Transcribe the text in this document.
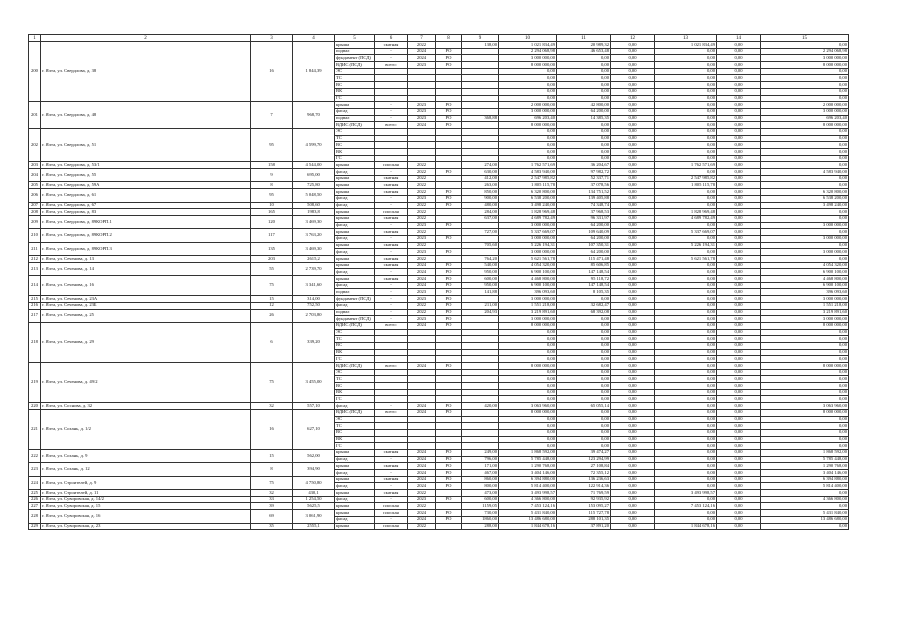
1	2	3	4	5	6	7	8	9	10	11	12	13	14	15
200	г. Ялта, ул. Свердлова, д. 38	16	1 844,39	крыша	скатная	2022		138,00	1 021 834,49	20 989,32	0,00	1 021 834,49	0,00	0,00
				подвал	-	2024	РО		2 294 068,98	46 653,48	0,00	0,00	0,00	2 294 068,98
				фундамент (ПСД)	-	2024	РО		3 000 000,00	0,00	0,00	0,00	0,00	3 000 000,00
				ВДИС (ПСД)	всего:	2023	РО		8 000 000,00	0,00	0,00	0,00	0,00	8 000 000,00
				ЭС					0,00	0,00	0,00	0,00	0,00	0,00
				ТС					0,00	0,00	0,00	0,00	0,00	0,00
				ВС					0,00	0,00	0,00	0,00	0,00	0,00
				ВК					0,00	0,00	0,00	0,00	0,00	0,00
				ГС					0,00	0,00	0,00	0,00	0,00	0,00
201	г. Ялта, ул. Свердлова, д. 48	7	968,70	крыша	-	2023	РО		2 000 000,00	42 800,00	0,00	0,00	0,00	2 000 000,00
				фасад	-	2023	РО		3 000 000,00	64 200,00	0,00	0,00	0,00	3 000 000,00
				подвал	-	2023	РО	368,88	696 203,40	14 385,35	0,00	0,00	0,00	696 203,40
				ВДИС (ПСД)	всего:	2024	РО		8 000 000,00	0,00	0,00	0,00	0,00	8 000 000,00
202	г. Ялта, ул. Свердлова, д. 51	95	4 599,70	ЭС					0,00	0,00	0,00	0,00	0,00	0,00
				ТС					0,00	0,00	0,00	0,00	0,00	0,00
				ВС					0,00	0,00	0,00	0,00	0,00	0,00
				ВК					0,00	0,00	0,00	0,00	0,00	0,00
				ГС					0,00	0,00	0,00	0,00	0,00	0,00
203	г. Ялта, ул. Свердлова, д. 53/1	158	4 544,00	крыша	плоская	2022		274,00	1 762 571,69	36 204,67	0,00	1 762 571,69	0,00	0,00
204	г. Ялта, ул. Свердлова, д. 55	9	695,00	фасад	-	2022	РО	630,00	4 583 940,00	97 982,72	0,00	0,00	0,00	4 583 940,00
				крыша	скатная	2022		412,00	2 547 985,82	52 337,71	0,00	2 547 985,82	0,00	0,00
205	г. Ялта, ул. Свердлова, д. 59А	8	725,80	крыша	скатная	2022		263,00	1 805 115,78	37 078,56	0,00	1 805 115,78	0,00	0,00
206	г. Ялта, ул. Свердлова, д. 61	95	5 048,50	крыша	скатная	2022	РО	850,00	6 320 800,00	134 751,52	0,00	0,00	0,00	6 320 800,00
				фасад	-	2023	РО	900,00	6 538 200,00	139 405,88	0,00	0,00	0,00	6 538 200,00
207	г. Ялта, ул. Свердлова, д. 67	10	508,60	фасад	-	2022	РО	480,00	3 498 240,00	74 348,74	0,00	0,00	0,00	3 498 240,00
208	г. Ялта, ул. Свердлова, д. 83	165	1983,8	крыша	плоская	2022		284,00	1 828 969,48	37 968,53	0,00	1 828 969,48	0,00	0,00
209	г. Ялта, ул. Свердлова, д. 89КОРП.1	120	3 469,30	крыша	скатная	2022		637,00	4 689 782,49	96 331,97	0,00	4 689 782,49	0,00	0,00
				фасад	-	2023	РО		3 000 000,00	64 200,00	0,00	0,00	0,00	3 000 000,00
210	г. Ялта, ул. Свердлова, д. 89КОРП.2	117	3 763,20	крыша	скатная	2022		727,00	5 337 669,07	109 640,09	0,00	5 337 669,07	0,00	0,00
				фасад	-	2023	РО		3 000 000,00	64 200,00	0,00	0,00	0,00	3 000 000,00
211	г. Ялта, ул. Свердлова, д. 89КОРП.3	135	3 469,30	крыша	скатная	2022		705,60	5 226 194,31	107 350,31	0,00	5 226 194,31	0,00	0,00
				фасад	-	2023	РО		3 000 000,00	64 200,00	0,00	0,00	0,00	3 000 000,00
212	г. Ялта, ул. Сеченова, д. 13	203	2615,2	крыша	скатная	2022		764,20	5 621 561,78	115 471,48	0,00	5 621 561,78	0,00	0,00
213	г. Ялта, ул. Сеченова, д. 14	55	2 739,70	крыша	скатная	2024	РО	540,00	4 054 320,00	85 606,85	0,00	0,00	0,00	4 054 320,00
				фасад	-	2024	РО	950,00	6 900 100,00	147 148,54	0,00	0,00	0,00	6 900 100,00
214	г. Ялта, ул. Сеченова, д. 16	75	3 341,60	крыша	скатная	2024	РО	600,00	4 468 800,00	95 118,72	0,00	0,00	0,00	4 468 800,00
				фасад	-	2024	РО	950,00	6 900 100,00	147 148,54	0,00	0,00	0,00	6 900 100,00
				подвал	-	2023	РО	141,88	396 093,60	8 105,35	0,00	0,00	0,00	396 093,60
215	г. Ялта, ул. Сеченова, д. 23А	15	314,00	фундамент (ПСД)	-	2023	РО		3 000 000,00	0,00	0,00	0,00	0,00	3 000 000,00
216	г. Ялта, ул. Сеченова, д. 23Б	12	752,50	фасад	-	2022	РО	211,00	1 551 218,00	32 682,47	0,00	0,00	0,00	1 551 218,00
217	г. Ялта, ул. Сеченова, д. 25	26	2 703,80	подвал	-	2022	РО	204,93	3 219 891,60	68 392,08	0,00	0,00	0,00	3 219 891,60
				фундамент (ПСД)	-	2023	РО		3 000 000,00	0,00	0,00	0,00	0,00	3 000 000,00
218	г. Ялта, ул. Сеченова, д. 29	6	339,20	ВДИС (ПСД)	всего:	2024	РО		8 000 000,00	0,00	0,00	0,00	0,00	8 000 000,00
				ЭС					0,00	0,00	0,00	0,00	0,00	0,00
				ТС					0,00	0,00	0,00	0,00	0,00	0,00
				ВС					0,00	0,00	0,00	0,00	0,00	0,00
				ВК					0,00	0,00	0,00	0,00	0,00	0,00
				ГС					0,00	0,00	0,00	0,00	0,00	0,00
219	г. Ялта, ул. Сеченова, д. 49/2	75	3 455,00	ВДИС (ПСД)	всего:	2024	РО		8 000 000,00	0,00	0,00	0,00	0,00	8 000 000,00
				ЭС					0,00	0,00	0,00	0,00	0,00	0,00
				ТС					0,00	0,00	0,00	0,00	0,00	0,00
				ВС					0,00	0,00	0,00	0,00	0,00	0,00
				ВК					0,00	0,00	0,00	0,00	0,00	0,00
				ГС					0,00	0,00	0,00	0,00	0,00	0,00
220	г. Ялта, ул. Соснова, д. 32	32	557,10	фасад	-	2024	РО	420,00	3 063 960,00	65 055,14	0,00	0,00	0,00	3 063 960,00
221	г. Ялта, ул. Сохань, д. 1/2	16	627,10	ВДИС (ПСД)	всего:	2024	РО		8 000 000,00	0,00	0,00	0,00	0,00	8 000 000,00
				ЭС					0,00	0,00	0,00	0,00	0,00	0,00
				ТС					0,00	0,00	0,00	0,00	0,00	0,00
				ВС					0,00	0,00	0,00	0,00	0,00	0,00
				ВК					0,00	0,00	0,00	0,00	0,00	0,00
				ГС					0,00	0,00	0,00	0,00	0,00	0,00
222	г. Ялта, ул. Сохань, д. 9	15	562,00	крыша	скатная	2024	РО	249,00	1 868 592,00	39 474,27	0,00	0,00	0,00	1 868 592,00
				фасад	-	2024	РО	796,00	5 785 448,00	123 294,99	0,00	0,00	0,00	5 785 448,00
223	г. Ялта, ул. Сохань, д. 12	8	394,90	крыша	скатная	2024	РО	171,00	1 290 768,00	27 108,84	0,00	0,00	0,00	1 290 768,00
				фасад	-	2024	РО	467,00	3 404 146,00	72 355,12	0,00	0,00	0,00	3 404 146,00
224	г. Ялта, ул. Строителей, д. 9	75	4 750,80	крыша	скатная	2024	РО	860,00	6 394 880,00	136 236,63	0,00	0,00	0,00	6 394 880,00
				фасад	-	2024	РО	800,00	5 814 400,00	122 914,36	0,00	0,00	0,00	5 814 400,00
225	г. Ялта, ул. Строителей, д. 11	32	430,1	крыша	скатная	2022		473,00	3 493 998,57	71 769,59	0,00	3 493 998,57	0,00	0,00
226	г. Ялта, ул. Суворовская, д. 14/2	33	1 254,50	фасад	-	2023	РО	600,00	4 366 800,00	92 935,92	0,00	0,00	0,00	4 366 800,00
227	г. Ялта, ул. Суворовская, д. 15	39	5625,5	крыша	плоская	2022		1159,05	7 453 124,16	153 095,27	0,00	7 453 124,16	0,00	0,00
228	г. Ялта, ул. Суворовская, д. 16	69	3 061,90	крыша	плоская	2024	РО	730,00	5 431 840,00	115 727,78	0,00	0,00	0,00	5 431 840,00
				фасад	-	2024	РО	1860,00	13 486 680,00	288 101,35	0,00	0,00	0,00	13 486 680,00
229	г. Ялта, ул. Суворовская, д. 23	35	2555,1	крыша	плоская	2022		288,00	1 844 678,16	37 891,20	0,00	1 844 678,16	0,00	0,00
